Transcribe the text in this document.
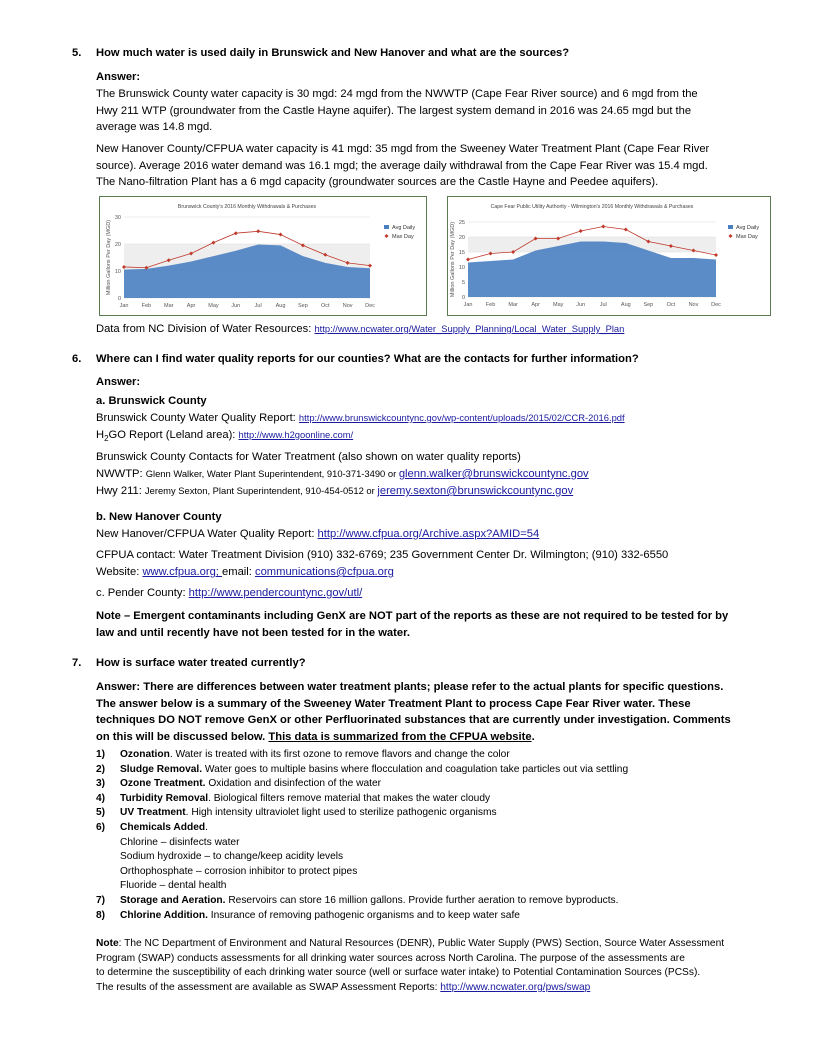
5. How much water is used daily in Brunswick and New Hanover and what are the sources?
Answer:
The Brunswick County water capacity is 30 mgd: 24 mgd from the NWWTP (Cape Fear River source) and 6 mgd from the
Hwy 211 WTP (groundwater from the Castle Hayne aquifer). The largest system demand in 2016 was 24.65 mgd but the
average was 14.8 mgd.
New Hanover County/CFPUA water capacity is 41 mgd: 35 mgd from the Sweeney Water Treatment Plant (Cape Fear River
source). Average 2016 water demand was 16.1 mgd; the average daily withdrawal from the Cape Fear River was 15.4 mgd.
The Nano-filtration Plant has a 6 mgd capacity (groundwater sources are the Castle Hayne and Peedee aquifers).
Brunswick County's 2016 Monthly Withdrawals & Purchases
0
10
20
30
Jan Feb Mar Apr May Jun	Jul	Aug Sep Oct Nov Dec
Million Gallons Per Day (MGD)	Avg Daily
Max Day
Cape Fear Public Utility Authority - Wilmington's 2016 Monthly Withdrawals & Purchases
0
5
10
15
20
25
Jan Feb Mar Apr May Jun	Jul	Aug Sep Oct Nov Dec
Million Gallons Per Day (MGD)	Avg Daily
Max Day
Data from NC Division of Water Resources: http://www.ncwater.org/Water_Supply_Planning/Local_Water_Supply_Plan
6. Where can I find water quality reports for our counties? What are the contacts for further information?
Answer:
a. Brunswick County
Brunswick County Water Quality Report: http://www.brunswickcountync.gov/wp-content/uploads/2015/02/CCR-2016.pdf
$H_2GO$ Report (Leland area): http://www.h2goonline.com/
Brunswick County Contacts for Water Treatment (also shown on water quality reports)
NWWTP: Glenn Walker, Water Plant Superintendent, 910-371-3490 or glenn.walker@brunswickcountync.gov
Hwy 211: Jeremy Sexton, Plant Superintendent, 910-454-0512 or jeremy.sexton@brunswickcountync.gov
b. New Hanover County
New Hanover/CFPUA Water Quality Report: http://www.cfpua.org/Archive.aspx?AMID=54
CFPUA contact: Water Treatment Division (910) 332-6769; 235 Government Center Dr. Wilmington; (910) 332-6550
Website: www.cfpua.org; email: communications@cfpua.org
c. Pender County: http://www.pendercountync.gov/utl/
Note – Emergent contaminants including GenX are NOT part of the reports as these are not required to be tested for by
law and until recently have not been tested for in the water.
7. How is surface water treated currently?
Answer: There are differences between water treatment plants; please refer to the actual plants for specific questions.
The answer below is a summary of the Sweeney Water Treatment Plant to process Cape Fear River water. These
techniques DO NOT remove GenX or other Perfluorinated substances that are currently under investigation. Comments
on this will be discussed below. This data is summarized from the CFPUA website.
1) Ozonation. Water is treated with its first ozone to remove flavors and change the color
2) Sludge Removal. Water goes to multiple basins where flocculation and coagulation take particles out via settling
3) Ozone Treatment. Oxidation and disinfection of the water
4) Turbidity Removal. Biological filters remove material that makes the water cloudy
5) UV Treatment. High intensity ultraviolet light used to sterilize pathogenic organisms
6) Chemicals Added.
Chlorine – disinfects water
Sodium hydroxide – to change/keep acidity levels
Orthophosphate – corrosion inhibitor to protect pipes
Fluoride – dental health
7) Storage and Aeration. Reservoirs can store 16 million gallons. Provide further aeration to remove byproducts.
8) Chlorine Addition. Insurance of removing pathogenic organisms and to keep water safe
Note: The NC Department of Environment and Natural Resources (DENR), Public Water Supply (PWS) Section, Source Water Assessment
Program (SWAP) conducts assessments for all drinking water sources across North Carolina. The purpose of the assessments are
to determine the susceptibility of each drinking water source (well or surface water intake) to Potential Contamination Sources (PCSs).
The results of the assessment are available as SWAP Assessment Reports: http://www.ncwater.org/pws/swap
